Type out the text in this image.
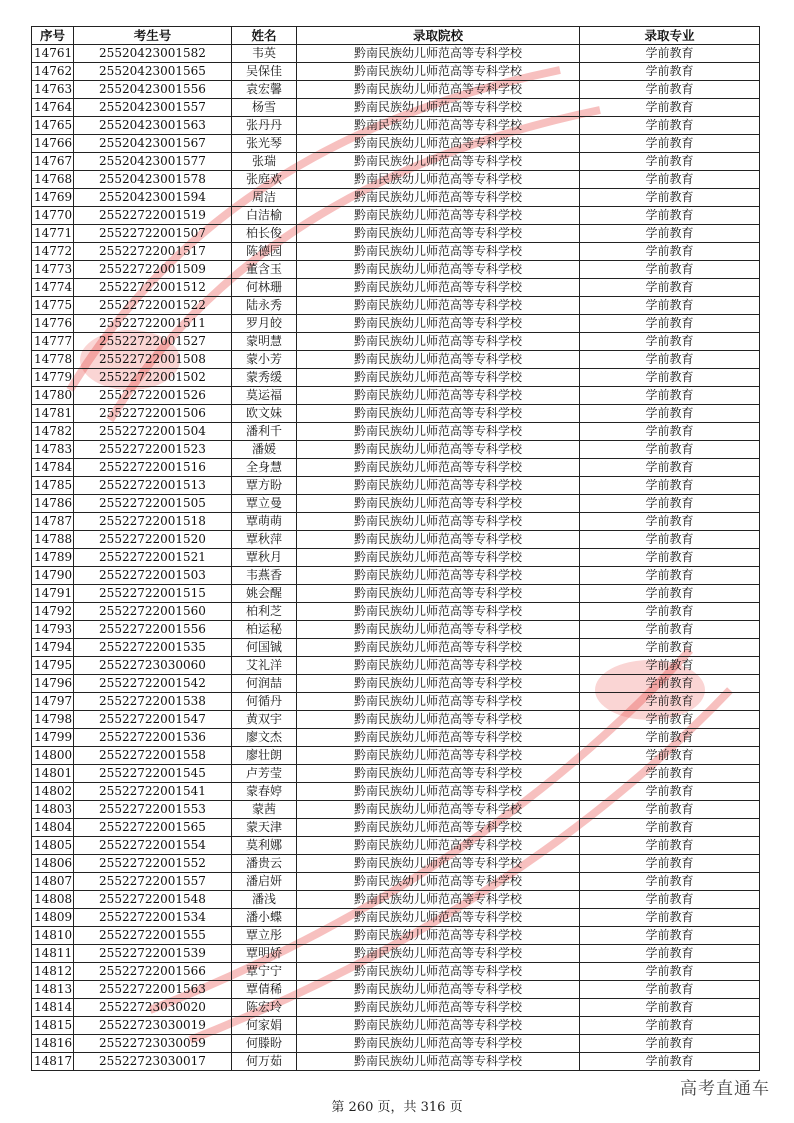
序号	考生号	姓名	录取院校	录取专业
14761	25520423001582	韦英	黔南民族幼儿师范高等专科学校	学前教育
14762	25520423001565	吴保佳	黔南民族幼儿师范高等专科学校	学前教育
14763	25520423001556	袁宏馨	黔南民族幼儿师范高等专科学校	学前教育
14764	25520423001557	杨雪	黔南民族幼儿师范高等专科学校	学前教育
14765	25520423001563	张丹丹	黔南民族幼儿师范高等专科学校	学前教育
14766	25520423001567	张光琴	黔南民族幼儿师范高等专科学校	学前教育
14767	25520423001577	张瑞	黔南民族幼儿师范高等专科学校	学前教育
14768	25520423001578	张庭欢	黔南民族幼儿师范高等专科学校	学前教育
14769	25520423001594	周洁	黔南民族幼儿师范高等专科学校	学前教育
14770	25522722001519	白洁榆	黔南民族幼儿师范高等专科学校	学前教育
14771	25522722001507	柏长俊	黔南民族幼儿师范高等专科学校	学前教育
14772	25522722001517	陈德园	黔南民族幼儿师范高等专科学校	学前教育
14773	25522722001509	董含玉	黔南民族幼儿师范高等专科学校	学前教育
14774	25522722001512	何林珊	黔南民族幼儿师范高等专科学校	学前教育
14775	25522722001522	陆永秀	黔南民族幼儿师范高等专科学校	学前教育
14776	25522722001511	罗月皎	黔南民族幼儿师范高等专科学校	学前教育
14777	25522722001527	蒙明慧	黔南民族幼儿师范高等专科学校	学前教育
14778	25522722001508	蒙小芳	黔南民族幼儿师范高等专科学校	学前教育
14779	25522722001502	蒙秀缓	黔南民族幼儿师范高等专科学校	学前教育
14780	25522722001526	莫运福	黔南民族幼儿师范高等专科学校	学前教育
14781	25522722001506	欧文妹	黔南民族幼儿师范高等专科学校	学前教育
14782	25522722001504	潘利千	黔南民族幼儿师范高等专科学校	学前教育
14783	25522722001523	潘媛	黔南民族幼儿师范高等专科学校	学前教育
14784	25522722001516	全身慧	黔南民族幼儿师范高等专科学校	学前教育
14785	25522722001513	覃方盼	黔南民族幼儿师范高等专科学校	学前教育
14786	25522722001505	覃立曼	黔南民族幼儿师范高等专科学校	学前教育
14787	25522722001518	覃萌萌	黔南民族幼儿师范高等专科学校	学前教育
14788	25522722001520	覃秋萍	黔南民族幼儿师范高等专科学校	学前教育
14789	25522722001521	覃秋月	黔南民族幼儿师范高等专科学校	学前教育
14790	25522722001503	韦燕香	黔南民族幼儿师范高等专科学校	学前教育
14791	25522722001515	姚会醒	黔南民族幼儿师范高等专科学校	学前教育
14792	25522722001560	柏利芝	黔南民族幼儿师范高等专科学校	学前教育
14793	25522722001556	柏运秘	黔南民族幼儿师范高等专科学校	学前教育
14794	25522722001535	何国铖	黔南民族幼儿师范高等专科学校	学前教育
14795	25522723030060	艾礼洋	黔南民族幼儿师范高等专科学校	学前教育
14796	25522722001542	何润喆	黔南民族幼儿师范高等专科学校	学前教育
14797	25522722001538	何循丹	黔南民族幼儿师范高等专科学校	学前教育
14798	25522722001547	黄双宇	黔南民族幼儿师范高等专科学校	学前教育
14799	25522722001536	廖文杰	黔南民族幼儿师范高等专科学校	学前教育
14800	25522722001558	廖壮朗	黔南民族幼儿师范高等专科学校	学前教育
14801	25522722001545	卢芳莹	黔南民族幼儿师范高等专科学校	学前教育
14802	25522722001541	蒙春婷	黔南民族幼儿师范高等专科学校	学前教育
14803	25522722001553	蒙茜	黔南民族幼儿师范高等专科学校	学前教育
14804	25522722001565	蒙天津	黔南民族幼儿师范高等专科学校	学前教育
14805	25522722001554	莫利娜	黔南民族幼儿师范高等专科学校	学前教育
14806	25522722001552	潘贵云	黔南民族幼儿师范高等专科学校	学前教育
14807	25522722001557	潘启妍	黔南民族幼儿师范高等专科学校	学前教育
14808	25522722001548	潘浅	黔南民族幼儿师范高等专科学校	学前教育
14809	25522722001534	潘小蝶	黔南民族幼儿师范高等专科学校	学前教育
14810	25522722001555	覃立彤	黔南民族幼儿师范高等专科学校	学前教育
14811	25522722001539	覃明娇	黔南民族幼儿师范高等专科学校	学前教育
14812	25522722001566	覃宁宁	黔南民族幼儿师范高等专科学校	学前教育
14813	25522722001563	覃倩稀	黔南民族幼儿师范高等专科学校	学前教育
14814	25522723030020	陈宏玲	黔南民族幼儿师范高等专科学校	学前教育
14815	25522723030019	何家娟	黔南民族幼儿师范高等专科学校	学前教育
14816	25522723030059	何滕盼	黔南民族幼儿师范高等专科学校	学前教育
14817	25522723030017	何万茹	黔南民族幼儿师范高等专科学校	学前教育
第 260 页，共 316 页
高考直通车
